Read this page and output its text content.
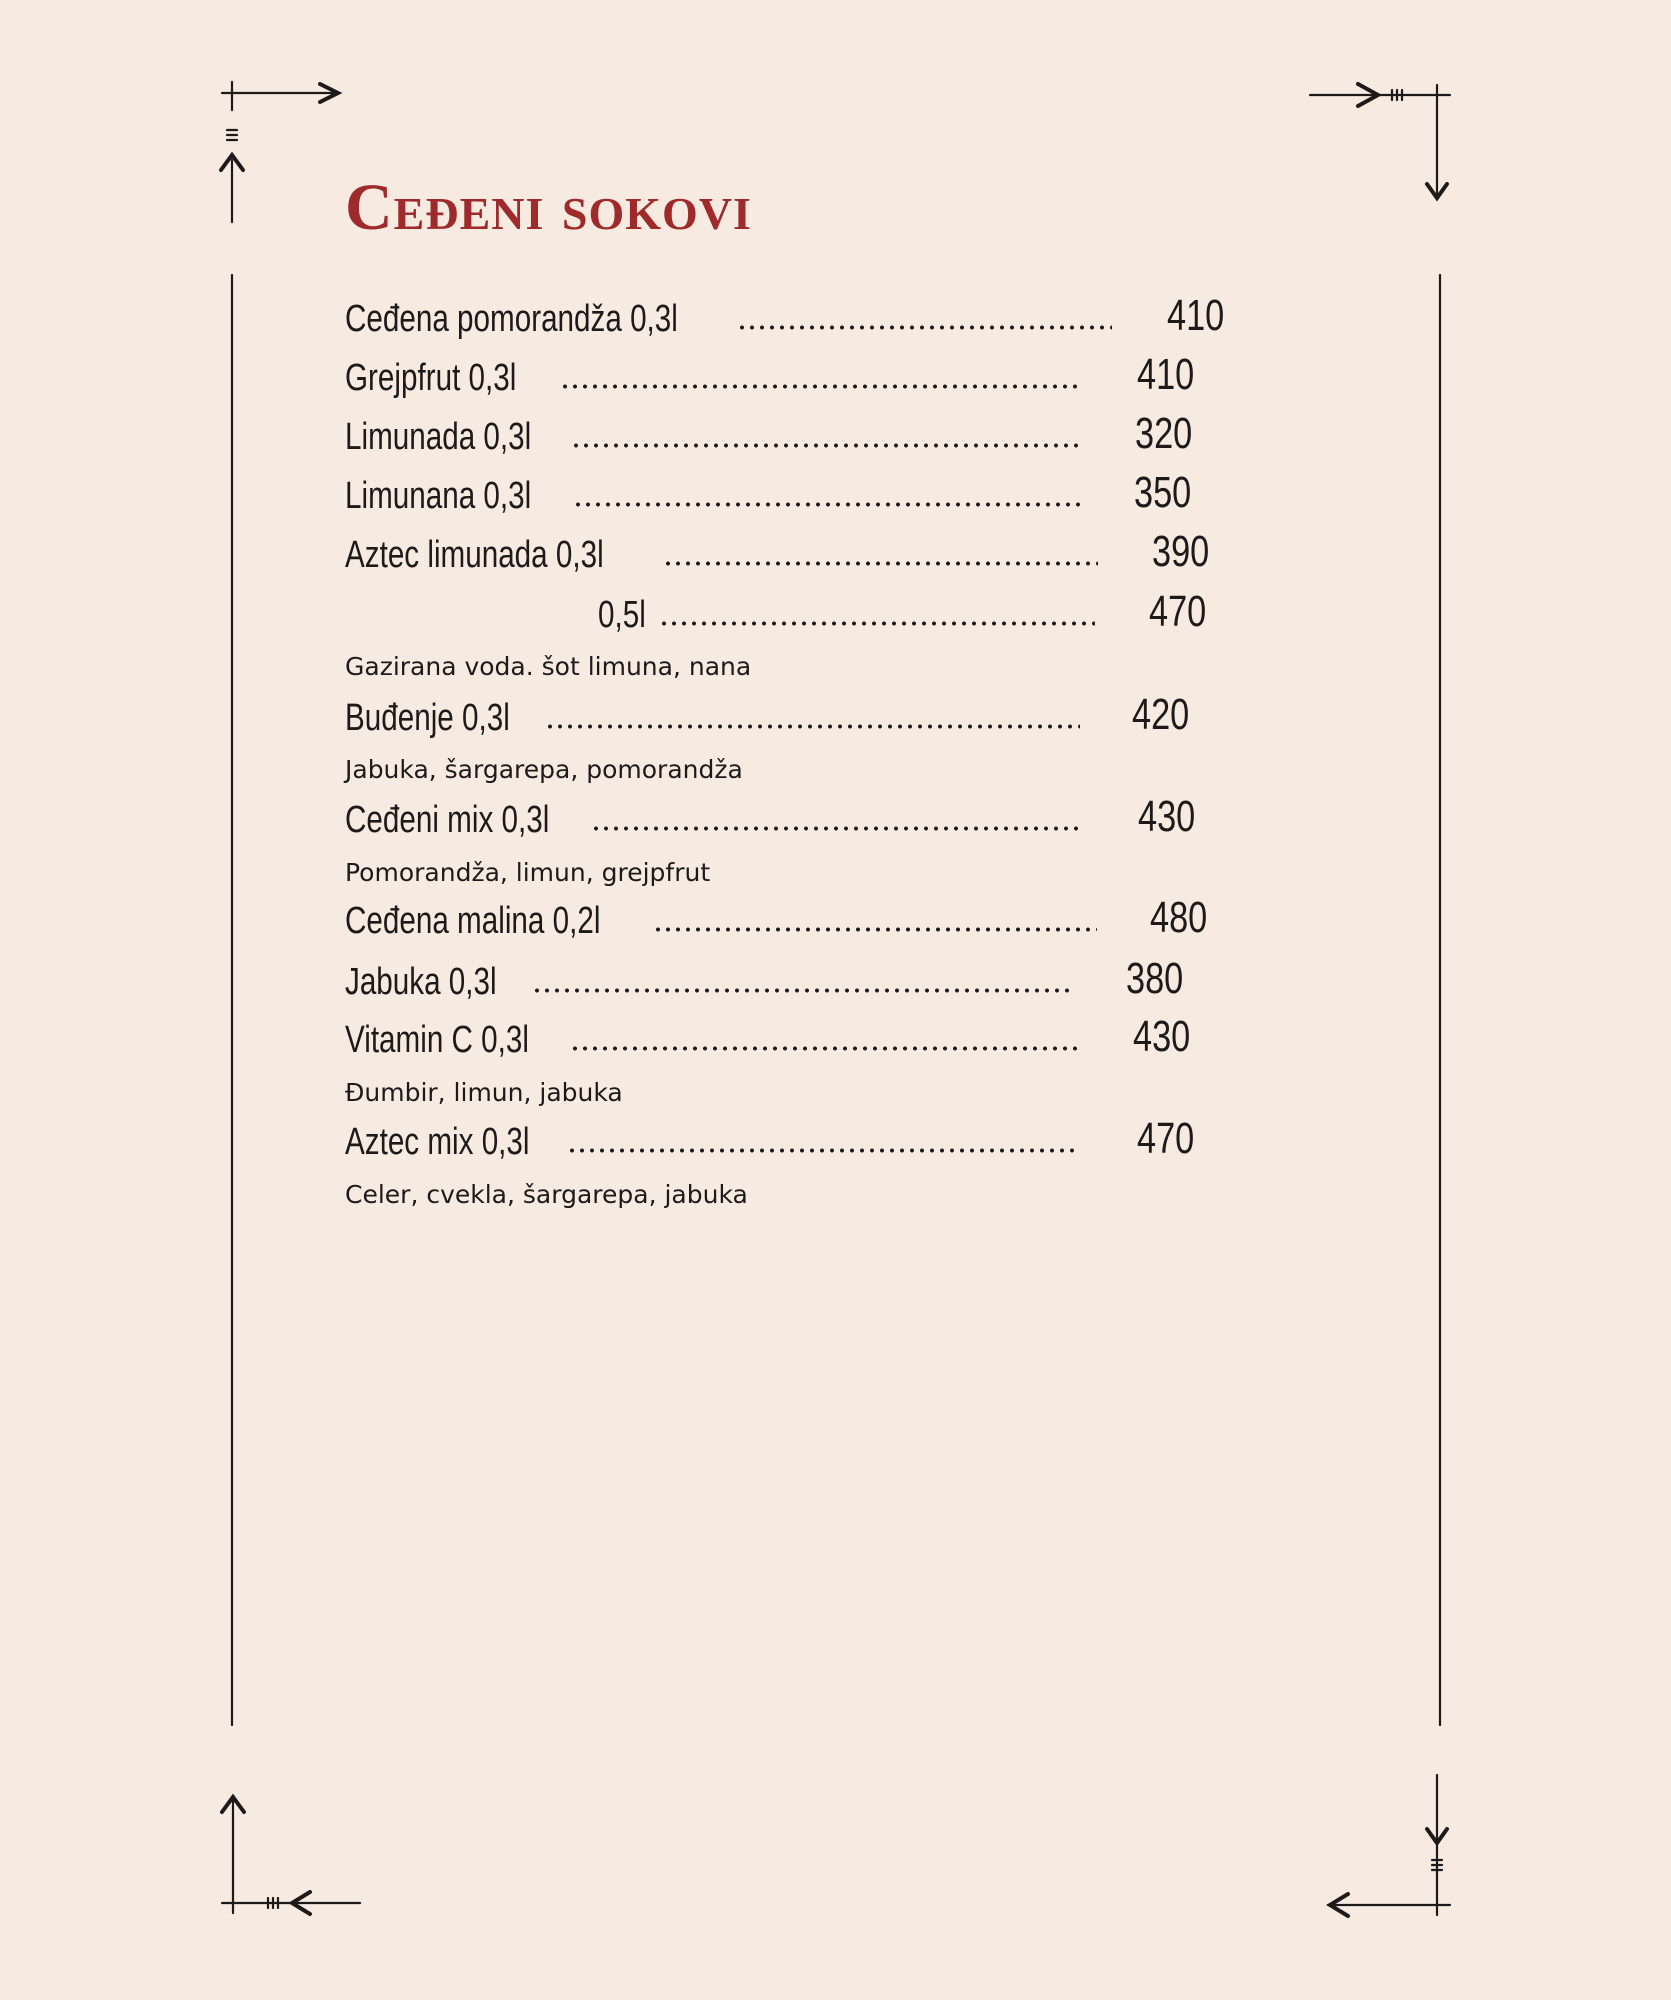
Ceđeni sokovi
Ceđena pomorandža 0,3l	410
Grejpfrut 0,3l	410
Limunada 0,3l	320
Limunana 0,3l	350
Aztec limunada 0,3l	390
0,5l	470
Gazirana voda. šot limuna, nana
Buđenje 0,3l	420
Jabuka, šargarepa, pomorandža
Ceđeni mix 0,3l	430
Pomorandža, limun, grejpfrut
Ceđena malina 0,2l	480
Jabuka 0,3l	380
Vitamin C 0,3l	430
Đumbir, limun, jabuka
Aztec mix 0,3l	470
Celer, cvekla, šargarepa, jabuka
